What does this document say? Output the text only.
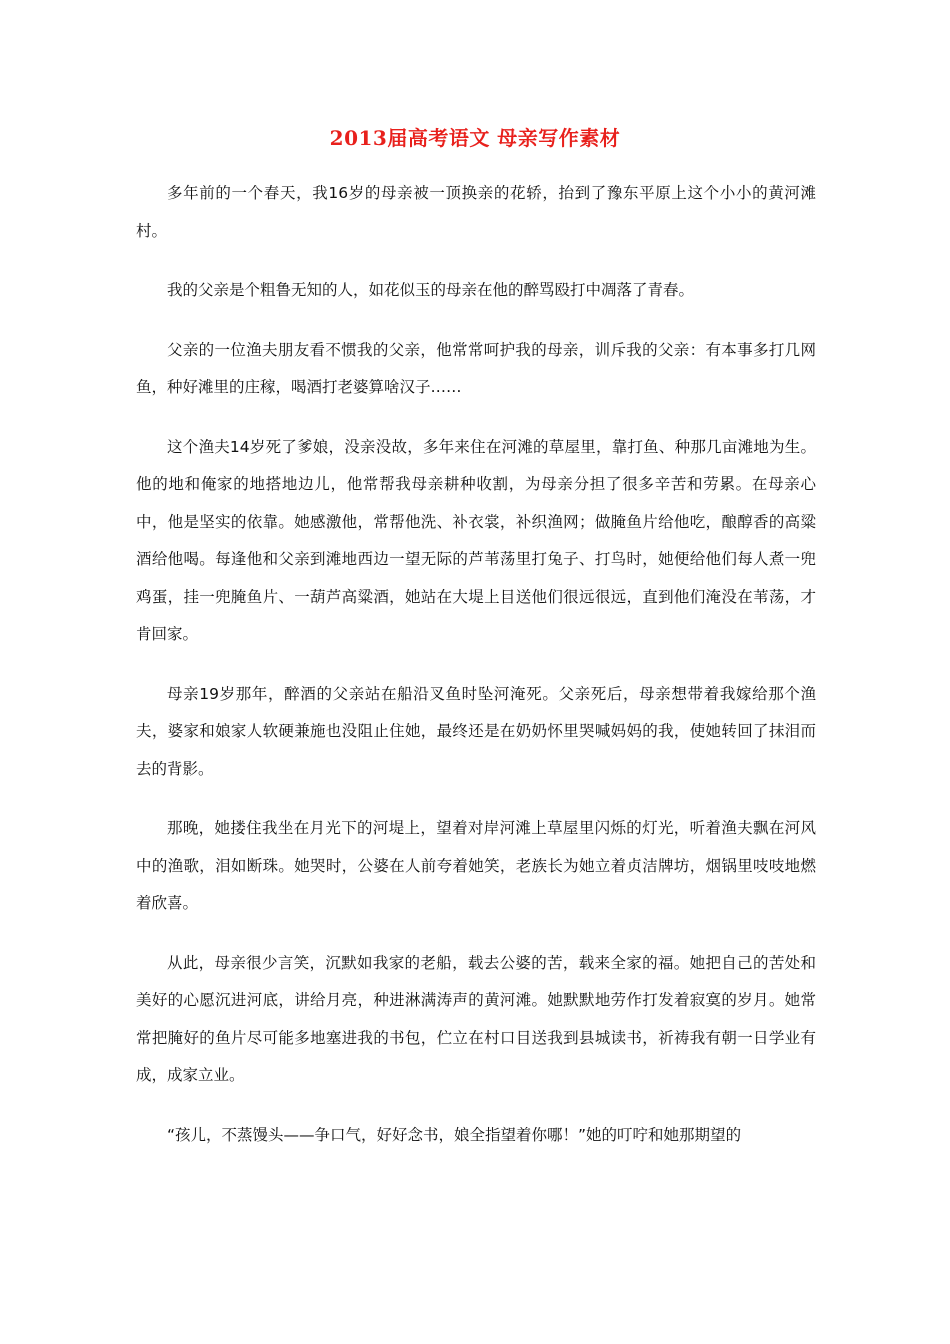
2013届高考语文 母亲写作素材

多年前的一个春天，我16岁的母亲被一顶换亲的花轿，抬到了豫东平原上这个小小的黄河滩村。

我的父亲是个粗鲁无知的人，如花似玉的母亲在他的醉骂殴打中凋落了青春。

父亲的一位渔夫朋友看不惯我的父亲，他常常呵护我的母亲，训斥我的父亲：有本事多打几网鱼，种好滩里的庄稼，喝酒打老婆算啥汉子……

这个渔夫14岁死了爹娘，没亲没故，多年来住在河滩的草屋里，靠打鱼、种那几亩滩地为生。他的地和俺家的地搭地边儿，他常帮我母亲耕种收割，为母亲分担了很多辛苦和劳累。在母亲心中，他是坚实的依靠。她感激他，常帮他洗、补衣裳，补织渔网；做腌鱼片给他吃，酿醇香的高粱酒给他喝。每逢他和父亲到滩地西边一望无际的芦苇荡里打兔子、打鸟时，她便给他们每人煮一兜鸡蛋，挂一兜腌鱼片、一葫芦高粱酒，她站在大堤上目送他们很远很远，直到他们淹没在苇荡，才肯回家。

母亲19岁那年，醉酒的父亲站在船沿叉鱼时坠河淹死。父亲死后，母亲想带着我嫁给那个渔夫，婆家和娘家人软硬兼施也没阻止住她，最终还是在奶奶怀里哭喊妈妈的我，使她转回了抹泪而去的背影。

那晚，她搂住我坐在月光下的河堤上，望着对岸河滩上草屋里闪烁的灯光，听着渔夫飘在河风中的渔歌，泪如断珠。她哭时，公婆在人前夸着她笑，老族长为她立着贞洁牌坊，烟锅里吱吱地燃着欣喜。

从此，母亲很少言笑，沉默如我家的老船，载去公婆的苦，载来全家的福。她把自己的苦处和美好的心愿沉进河底，讲给月亮，种进淋满涛声的黄河滩。她默默地劳作打发着寂寞的岁月。她常常把腌好的鱼片尽可能多地塞进我的书包，伫立在村口目送我到县城读书，祈祷我有朝一日学业有成，成家立业。

“孩儿，不蒸馒头——争口气，好好念书，娘全指望着你哪！”她的叮咛和她那期望的
